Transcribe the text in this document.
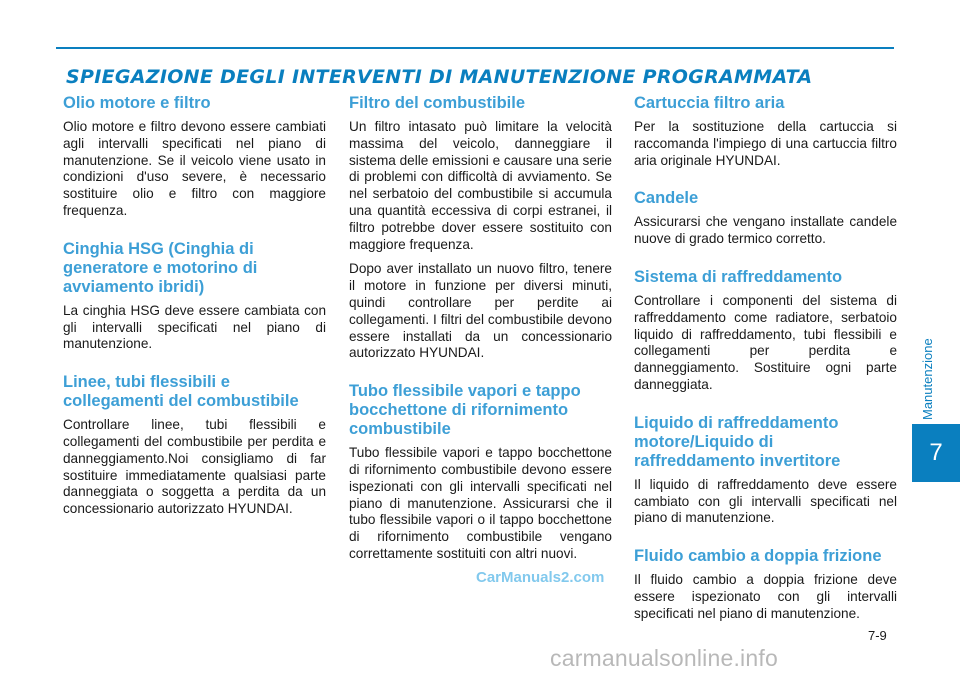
SPIEGAZIONE DEGLI INTERVENTI DI MANUTENZIONE PROGRAMMATA
Olio motore e filtro

Olio motore e filtro devono essere cambiati agli intervalli specificati nel piano di manutenzione. Se il veicolo viene usato in condizioni d'uso severe, è necessario sostituire olio e filtro con maggiore frequenza.

Cinghia HSG (Cinghia di generatore e motorino di avviamento ibridi)

La cinghia HSG deve essere cambiata con gli intervalli specificati nel piano di manutenzione.

Linee, tubi flessibili e collegamenti del combustibile

Controllare linee, tubi flessibili e collegamenti del combustibile per perdita e danneggiamento.Noi consigliamo di far sostituire immediatamente qualsiasi parte danneggiata o soggetta a perdita da un concessionario autorizzato HYUNDAI.

Filtro del combustibile

Un filtro intasato può limitare la velocità massima del veicolo, danneggiare il sistema delle emissioni e causare una serie di problemi con difficoltà di avviamento. Se nel serbatoio del combustibile si accumula una quantità eccessiva di corpi estranei, il filtro potrebbe dover essere sostituito con maggiore frequenza.

Dopo aver installato un nuovo filtro, tenere il motore in funzione per diversi minuti, quindi controllare per perdite ai collegamenti. I filtri del combustibile devono essere installati da un concessionario autorizzato HYUNDAI.

Tubo flessibile vapori e tappo bocchettone di rifornimento combustibile

Tubo flessibile vapori e tappo bocchettone di rifornimento combustibile devono essere ispezionati con gli intervalli specificati nel piano di manutenzione. Assicurarsi che il tubo flessibile vapori o il tappo bocchettone di rifornimento combustibile vengano correttamente sostituiti con altri nuovi.

Cartuccia filtro aria

Per la sostituzione della cartuccia si raccomanda l'impiego di una cartuccia filtro aria originale HYUNDAI.

Candele

Assicurarsi che vengano installate candele nuove di grado termico corretto.

Sistema di raffreddamento

Controllare i componenti del sistema di raffreddamento come radiatore, serbatoio liquido di raffreddamento, tubi flessibili e collegamenti per perdita e danneggiamento. Sostituire ogni parte danneggiata.

Liquido di raffreddamento motore/Liquido di raffreddamento invertitore

Il liquido di raffreddamento deve essere cambiato con gli intervalli specificati nel piano di manutenzione.

Fluido cambio a doppia frizione

Il fluido cambio a doppia frizione deve essere ispezionato con gli intervalli specificati nel piano di manutenzione.

Manutenzione
7
7-9
CarManuals2.com
carmanualsonline.info
